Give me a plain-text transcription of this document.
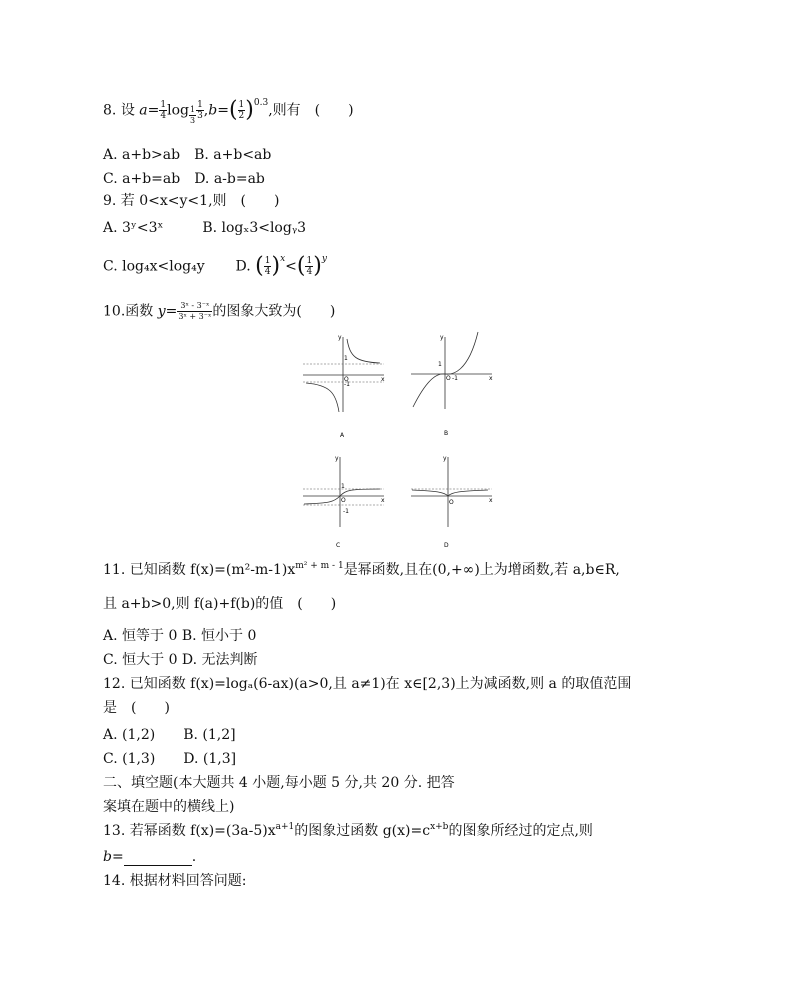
8. 设 $a= \frac{1}{4}$ $\log \frac{1}{3} \frac{1}{3} ,b=( \frac{1}{2} )^{0.3}$,则有　(　　)
A. a+b>ab　B. a+b<ab
C. a+b=ab　D. a-b=ab
9. 若 0<x<y<1,则　(　　)
A. 3ʸ<3ˣ	B. logₓ3<logᵧ3
C. log₄x<log₄y D. ( $\frac{1}{4} )^x<( \frac{1}{4} )^y$
10.函数 $y= \frac{\text{3ˣ - 3⁻ˣ}}{\text{3ˣ + 3⁻ˣ}}$ 的图象大致为(　　)
y
x
O
1
-1
A
y
x
O
1
-1
B
y
x
O
1
-1
C
y
x
O
D
11. 已知函数 $f(x)=(m^2-m-1)x^{m^2 + m - 1}$是幂函数,且在(0,+∞)上为增函数,若 a,b∈R,
且 a+b>0,则 f(a)+f(b)的值　(　　)
A. 恒等于 0 B. 恒小于 0
C. 恒大于 0 D. 无法判断
12. 已知函数 f(x)=logₐ(6-ax)(a>0,且 a≠1)在 x∈[2,3)上为减函数,则 a 的取值范围
是　(　　)
A. (1,2)　　B. (1,2]
C. (1,3)　　D. (1,3]
二、填空题(本大题共 4 小题,每小题 5 分,共 20 分. 把答
案填在题中的横线上)
13. 若幂函数 $f(x)=(3a-5)x^{a+1}$的图象过函数 $g(x)=c^{x+b}$的图象所经过的定点,则
b=	.
14. 根据材料回答问题:
